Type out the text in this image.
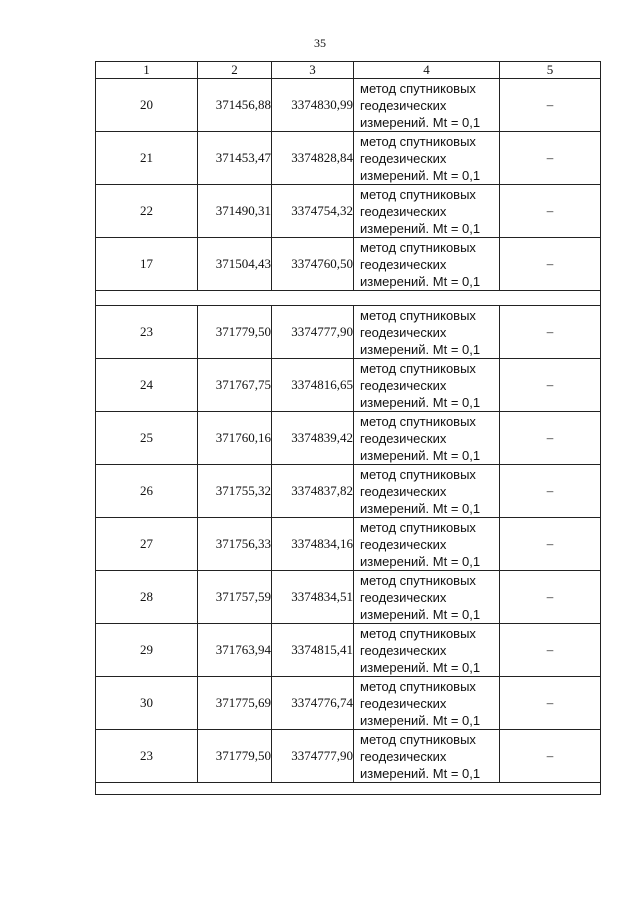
35
1	2	3	4	5
20	371456,88	3374830,99	метод спутниковых
геодезических
измерений. Mt = 0,1	–
21	371453,47	3374828,84	метод спутниковых
геодезических
измерений. Mt = 0,1	–
22	371490,31	3374754,32	метод спутниковых
геодезических
измерений. Mt = 0,1	–
17	371504,43	3374760,50	метод спутниковых
геодезических
измерений. Mt = 0,1	–

23	371779,50	3374777,90	метод спутниковых
геодезических
измерений. Mt = 0,1	–
24	371767,75	3374816,65	метод спутниковых
геодезических
измерений. Mt = 0,1	–
25	371760,16	3374839,42	метод спутниковых
геодезических
измерений. Mt = 0,1	–
26	371755,32	3374837,82	метод спутниковых
геодезических
измерений. Mt = 0,1	–
27	371756,33	3374834,16	метод спутниковых
геодезических
измерений. Mt = 0,1	–
28	371757,59	3374834,51	метод спутниковых
геодезических
измерений. Mt = 0,1	–
29	371763,94	3374815,41	метод спутниковых
геодезических
измерений. Mt = 0,1	–
30	371775,69	3374776,74	метод спутниковых
геодезических
измерений. Mt = 0,1	–
23	371779,50	3374777,90	метод спутниковых
геодезических
измерений. Mt = 0,1	–
